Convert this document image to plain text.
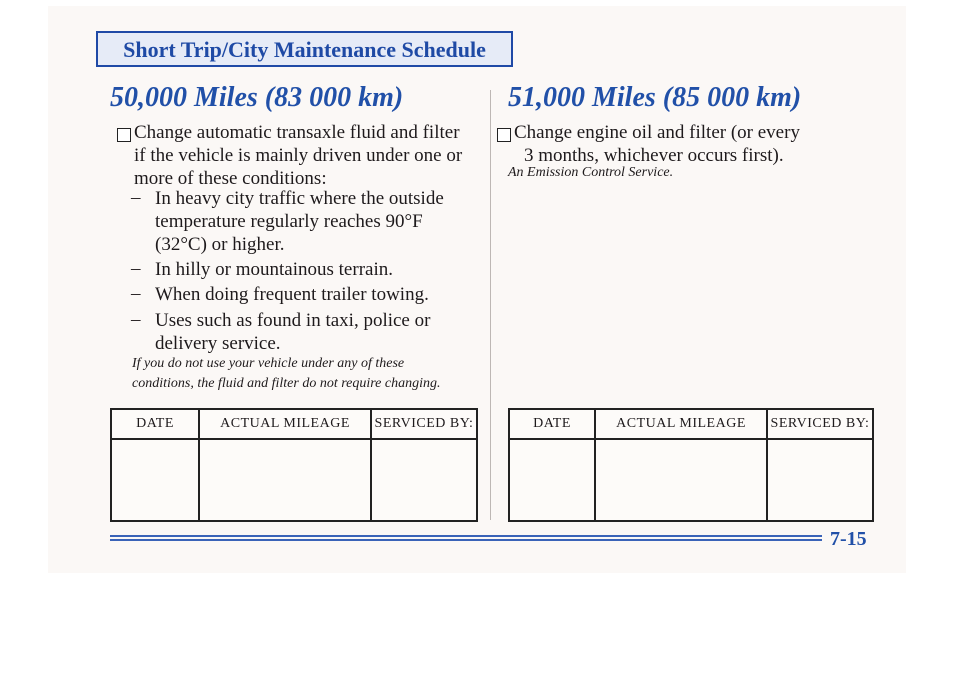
Short Trip/City Maintenance Schedule
50,000 Miles (83 000 km)
Change automatic transaxle fluid and filter
if the vehicle is mainly driven under one or
more of these conditions:
– In heavy city traffic where the outside
temperature regularly reaches 90°F
(32°C) or higher.
– In hilly or mountainous terrain.
– When doing frequent trailer towing.
– Uses such as found in taxi, police or
delivery service.
If you do not use your vehicle under any of these
conditions, the fluid and filter do not require changing.
DATE	ACTUAL MILEAGE	SERVICED BY:

51,000 Miles (85 000 km)
Change engine oil and filter (or every
3 months, whichever occurs first).
An Emission Control Service.
DATE	ACTUAL MILEAGE	SERVICED BY:

7-15
